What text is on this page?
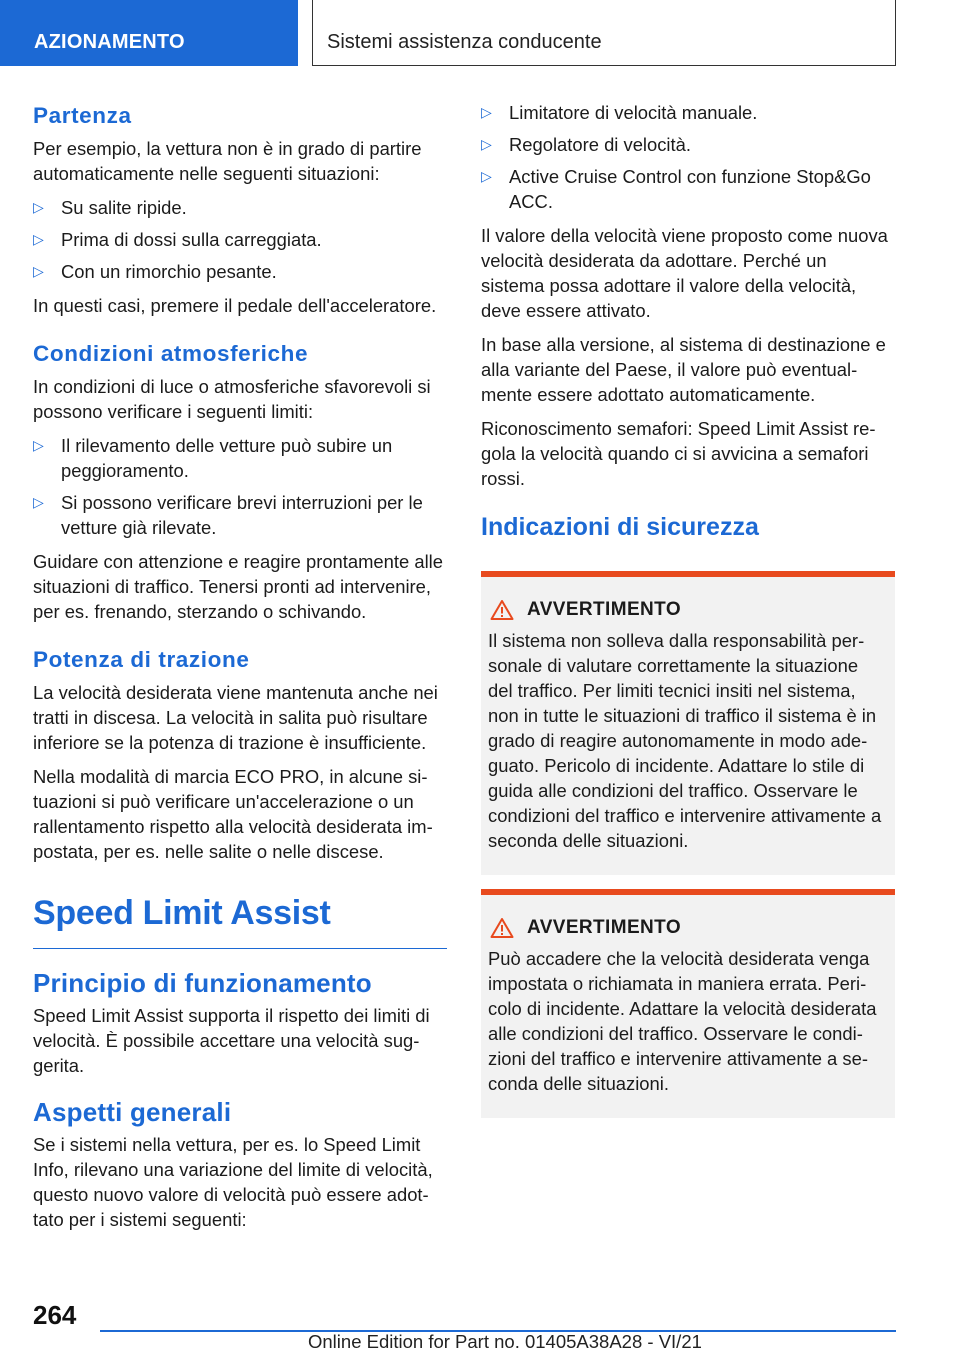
AZIONAMENTO	Sistemi assistenza conducente
Partenza

Per esempio, la vettura non è in grado di partire automaticamente nelle seguenti situazioni:

▷ Su salite ripide.
▷ Prima di dossi sulla carreggiata.
▷ Con un rimorchio pesante.

In questi casi, premere il pedale dell'acceleratore.

Condizioni atmosferiche

In condizioni di luce o atmosferiche sfavorevoli si possono verificare i seguenti limiti:

▷ Il rilevamento delle vetture può subire un peggioramento.
▷ Si possono verificare brevi interruzioni per le vetture già rilevate.

Guidare con attenzione e reagire prontamente alle situazioni di traffico. Tenersi pronti ad intervenire, per es. frenando, sterzando o schivando.

Potenza di trazione

La velocità desiderata viene mantenuta anche nei tratti in discesa. La velocità in salita può risultare inferiore se la potenza di trazione è insufficiente.

Nella modalità di marcia ECO PRO, in alcune situazioni si può verificare un'accelerazione o un rallentamento rispetto alla velocità desiderata impostata, per es. nelle salite o nelle discese.

Speed Limit Assist
Principio di funzionamento

Speed Limit Assist supporta il rispetto dei limiti di velocità. È possibile accettare una velocità suggerita.

Aspetti generali

Se i sistemi nella vettura, per es. lo Speed Limit Info, rilevano una variazione del limite di velocità, questo nuovo valore di velocità può essere adottato per i sistemi seguenti:

▷ Limitatore di velocità manuale.
▷ Regolatore di velocità.
▷ Active Cruise Control con funzione Stop&Go ACC.

Il valore della velocità viene proposto come nuova velocità desiderata da adottare. Perché un sistema possa adottare il valore della velocità, deve essere attivato.

In base alla versione, al sistema di destinazione e alla variante del Paese, il valore può eventualmente essere adottato automaticamente.

Riconoscimento semafori: Speed Limit Assist regola la velocità quando ci si avvicina a semafori rossi.

Indicazioni di sicurezza
AVVERTIMENTO
Il sistema non solleva dalla responsabilità personale di valutare correttamente la situazione del traffico. Per limiti tecnici insiti nel sistema, non in tutte le situazioni di traffico il sistema è in grado di reagire autonomamente in modo adeguato. Pericolo di incidente. Adattare lo stile di guida alle condizioni del traffico. Osservare le condizioni del traffico e intervenire attivamente a seconda delle situazioni.
AVVERTIMENTO
Può accadere che la velocità desiderata venga impostata o richiamata in maniera errata. Pericolo di incidente. Adattare la velocità desiderata alle condizioni del traffico. Osservare le condizioni del traffico e intervenire attivamente a seconda delle situazioni.
264
Online Edition for Part no. 01405A38A28 - VI/21
